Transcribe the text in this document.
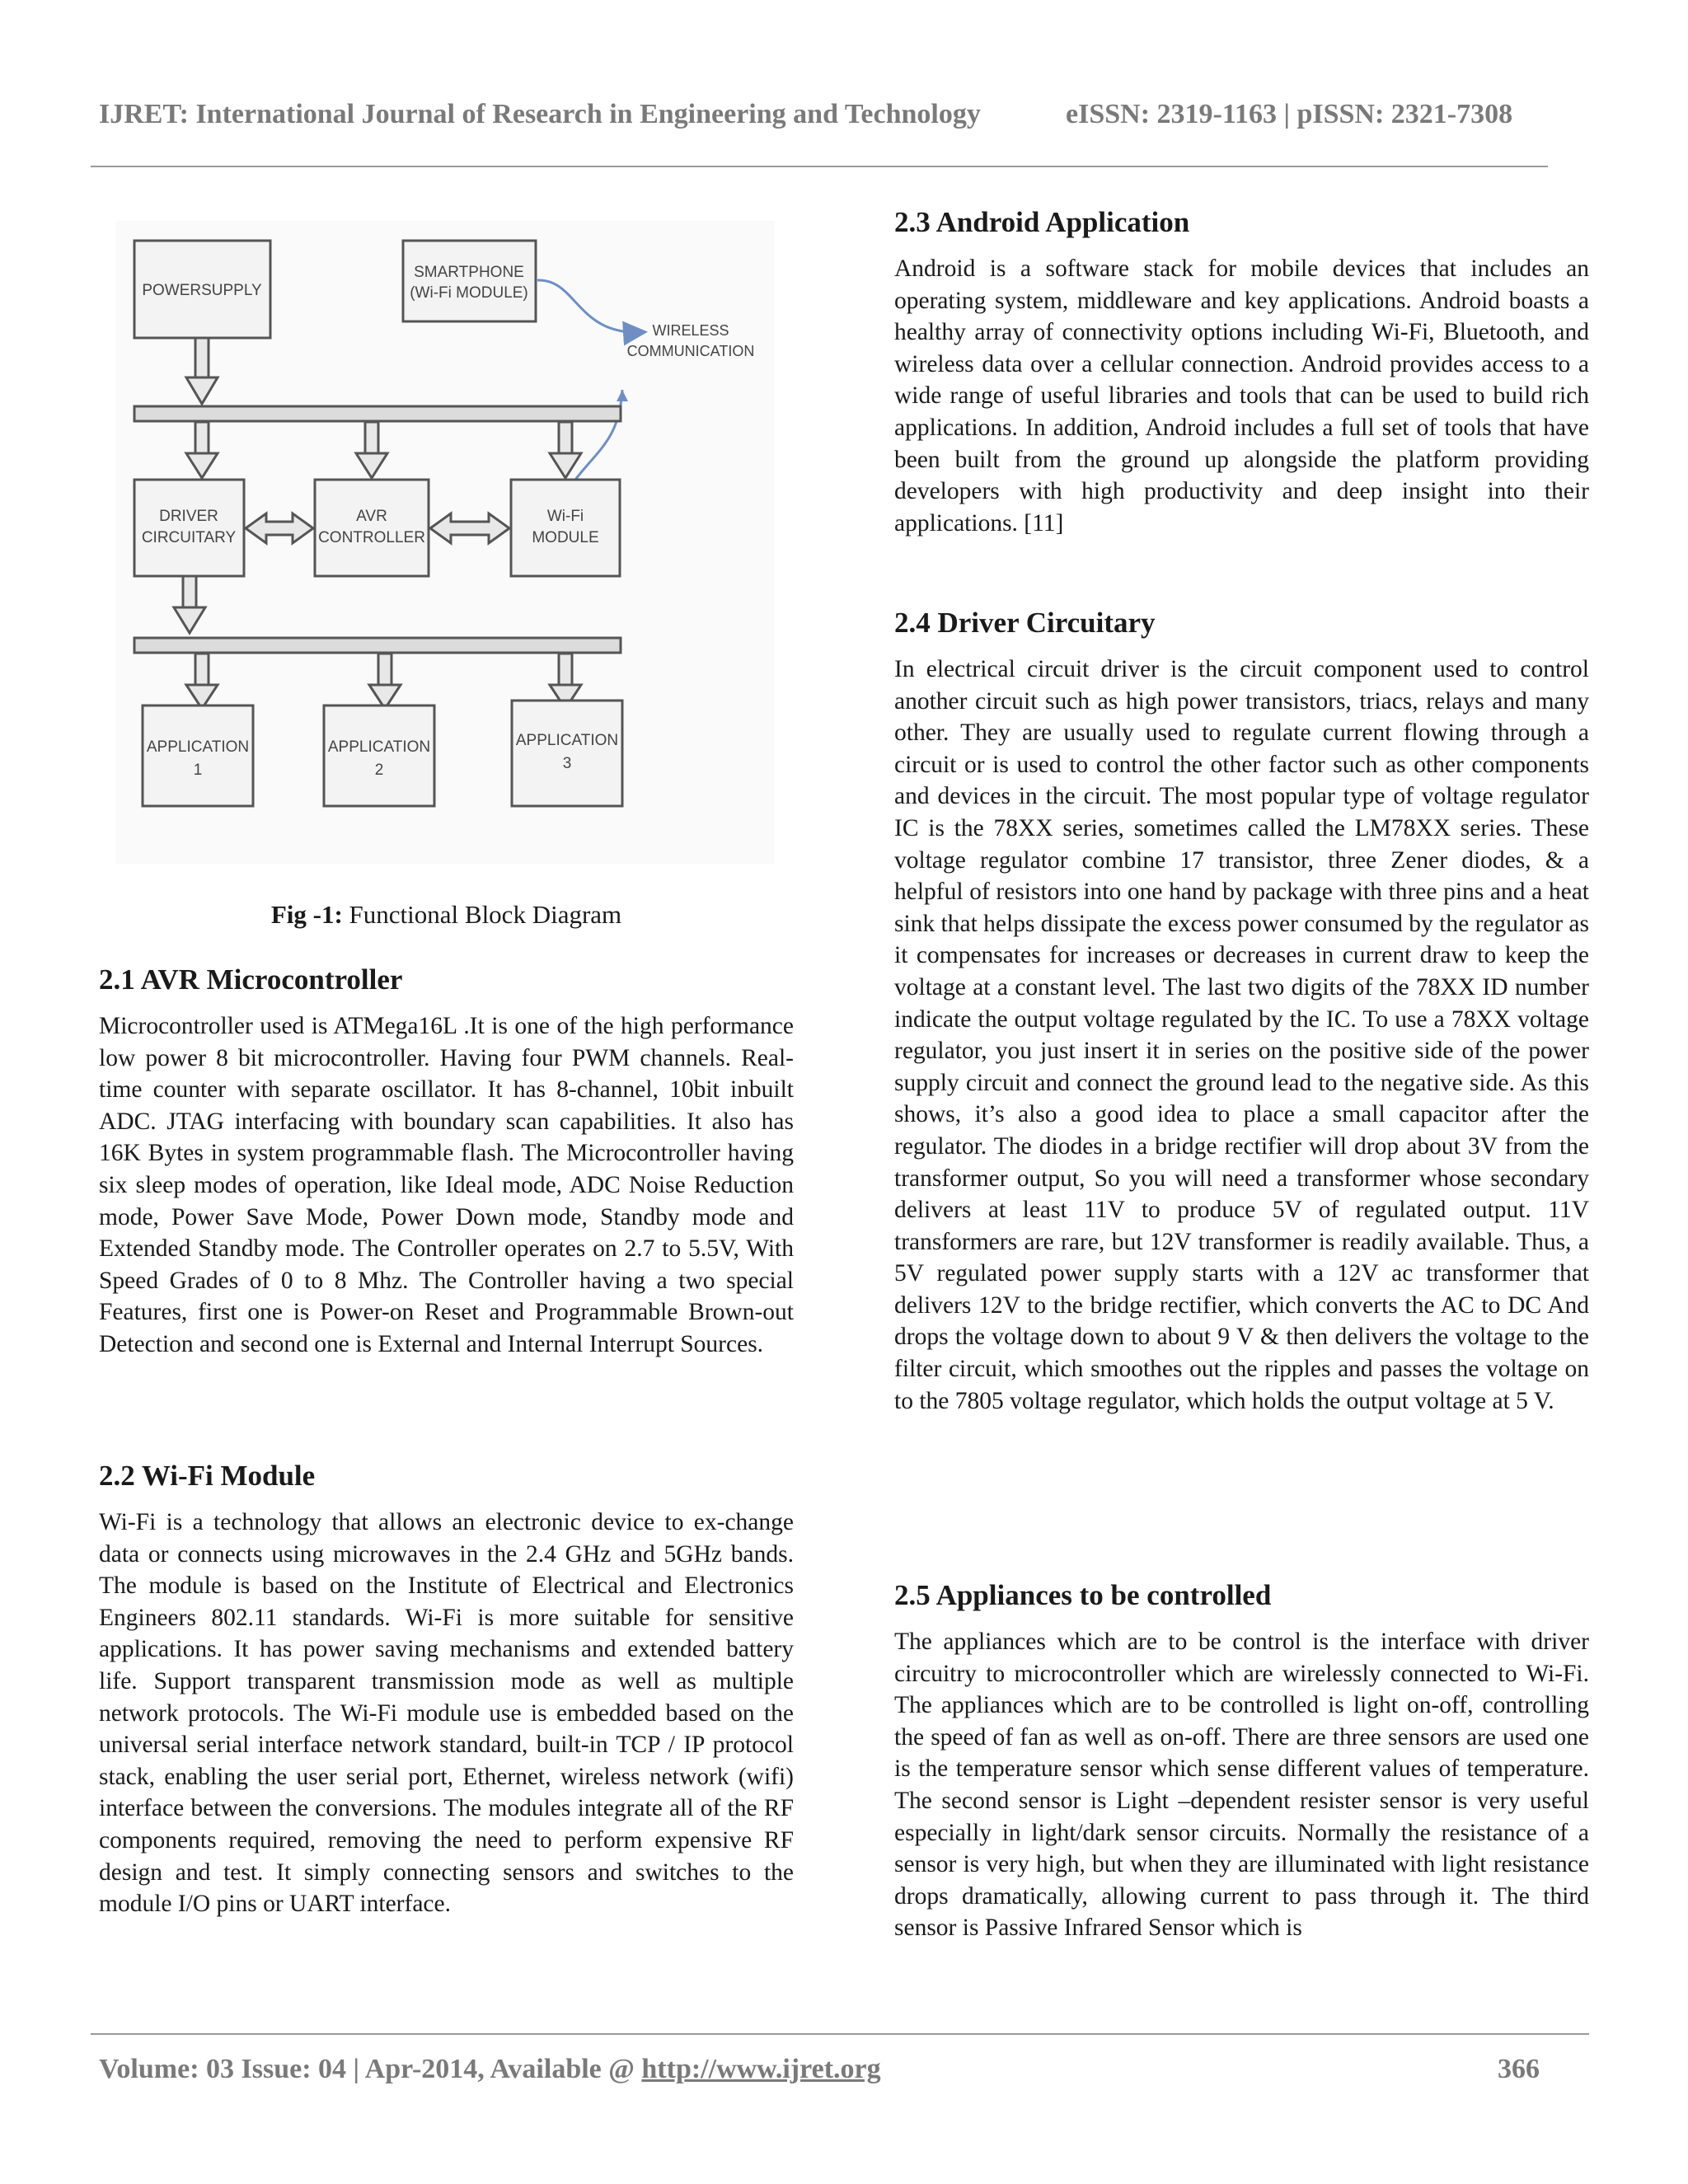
IJRET: International Journal of Research in Engineering and Technology	eISSN: 2319-1163 | pISSN: 2321-7308
POWERSUPPLY
SMARTPHONE
(Wi-Fi MODULE)
WIRELESS
COMMUNICATION
DRIVER
CIRCUITARY
AVR
CONTROLLER
Wi-Fi
MODULE
APPLICATION
1
APPLICATION
2
APPLICATION
3
Fig -1: Functional Block Diagram
2.1 AVR Microcontroller

Microcontroller used is ATMega16L .It is one of the high performance low power 8 bit microcontroller. Having four PWM channels. Real-time counter with separate oscillator. It has 8-channel, 10bit inbuilt ADC. JTAG interfacing with boundary scan capabilities. It also has 16K Bytes in system programmable flash. The Microcontroller having six sleep modes of operation, like Ideal mode, ADC Noise Reduction mode, Power Save Mode, Power Down mode, Standby mode and Extended Standby mode. The Controller operates on 2.7 to 5.5V, With Speed Grades of 0 to 8 Mhz. The Controller having a two special Features, first one is Power-on Reset and Programmable Brown-out Detection and second one is External and Internal Interrupt Sources.

2.2 Wi-Fi Module

Wi-Fi is a technology that allows an electronic device to ex-change data or connects using microwaves in the 2.4 GHz and 5GHz bands. The module is based on the Institute of Electrical and Electronics Engineers 802.11 standards. Wi-Fi is more suitable for sensitive applications. It has power saving mechanisms and extended battery life. Support transparent transmission mode as well as multiple network protocols. The Wi-Fi module use is embedded based on the universal serial interface network standard, built-in TCP / IP protocol stack, enabling the user serial port, Ethernet, wireless network (wifi) interface between the conversions. The modules integrate all of the RF components required, removing the need to perform expensive RF design and test. It simply connecting sensors and switches to the module I/O pins or UART interface.

2.3 Android Application

Android is a software stack for mobile devices that includes an operating system, middleware and key applications. Android boasts a healthy array of connectivity options including Wi-Fi, Bluetooth, and wireless data over a cellular connection. Android provides access to a wide range of useful libraries and tools that can be used to build rich applications. In addition, Android includes a full set of tools that have been built from the ground up alongside the platform providing developers with high productivity and deep insight into their applications. [11]

2.4 Driver Circuitary

In electrical circuit driver is the circuit component used to control another circuit such as high power transistors, triacs, relays and many other. They are usually used to regulate current flowing through a circuit or is used to control the other factor such as other components and devices in the circuit. The most popular type of voltage regulator IC is the 78XX series, sometimes called the LM78XX series. These voltage regulator combine 17 transistor, three Zener diodes, & a helpful of resistors into one hand by package with three pins and a heat sink that helps dissipate the excess power consumed by the regulator as it compensates for increases or decreases in current draw to keep the voltage at a constant level. The last two digits of the 78XX ID number indicate the output voltage regulated by the IC. To use a 78XX voltage regulator, you just insert it in series on the positive side of the power supply circuit and connect the ground lead to the negative side. As this shows, it’s also a good idea to place a small capacitor after the regulator. The diodes in a bridge rectifier will drop about 3V from the transformer output, So you will need a transformer whose secondary delivers at least 11V to produce 5V of regulated output. 11V transformers are rare, but 12V transformer is readily available. Thus, a 5V regulated power supply starts with a 12V ac transformer that delivers 12V to the bridge rectifier, which converts the AC to DC And drops the voltage down to about 9 V & then delivers the voltage to the filter circuit, which smoothes out the ripples and passes the voltage on to the 7805 voltage regulator, which holds the output voltage at 5 V.

2.5 Appliances to be controlled

The appliances which are to be control is the interface with driver circuitry to microcontroller which are wirelessly connected to Wi-Fi. The appliances which are to be controlled is light on-off, controlling the speed of fan as well as on-off. There are three sensors are used one is the temperature sensor which sense different values of temperature. The second sensor is Light –dependent resister sensor is very useful especially in light/dark sensor circuits. Normally the resistance of a sensor is very high, but when they are illuminated with light resistance drops dramatically, allowing current to pass through it. The third sensor is Passive Infrared Sensor which is

Volume: 03 Issue: 04 | Apr-2014, Available @ http://www.ijret.org	366
